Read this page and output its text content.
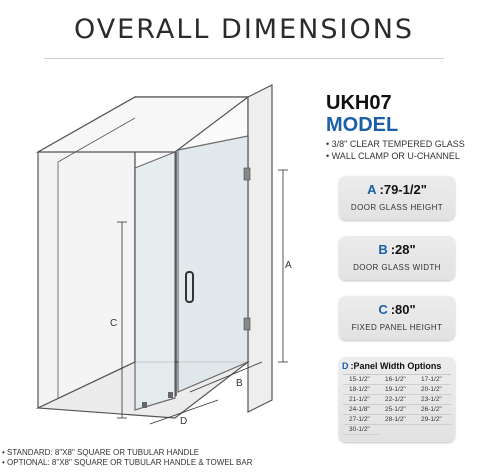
OVERALL DIMENSIONS
A
C
B
D
UKH07
MODEL
• 3/8" CLEAR TEMPERED GLASS
• WALL CLAMP OR U-CHANNEL
A :79-1/2"
DOOR GLASS HEIGHT
B :28"
DOOR GLASS WIDTH
C :80"
FIXED PANEL HEIGHT
D :Panel Width Options
15-1/2"	16-1/2"	17-1/2"
18-1/2"	19-1/2"	20-1/2"
21-1/2"	22-1/2"	23-1/2"
24-1/8"	25-1/2"	26-1/2"
27-1/2"	28-1/2"	29-1/2"
30-1/2"
• STANDARD: 8"X8" SQUARE OR TUBULAR HANDLE
• OPTIONAL: 8"X8" SQUARE OR TUBULAR HANDLE & TOWEL BAR
